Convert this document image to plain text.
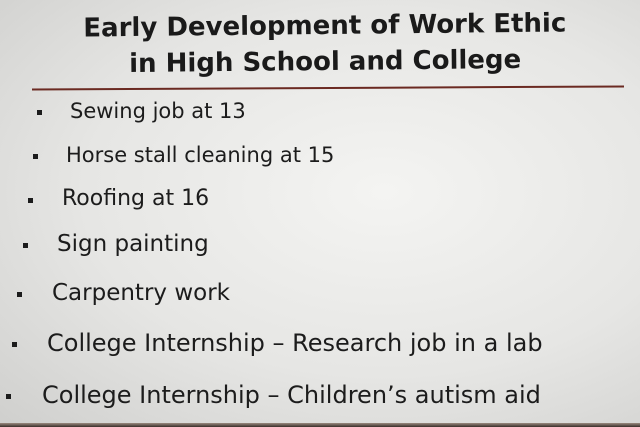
Early Development of Work Ethic
in High School and College
Sewing job at 13
Horse stall cleaning at 15
Roofing at 16
Sign painting
Carpentry work
College Internship – Research job in a lab
College Internship – Children’s autism aid
